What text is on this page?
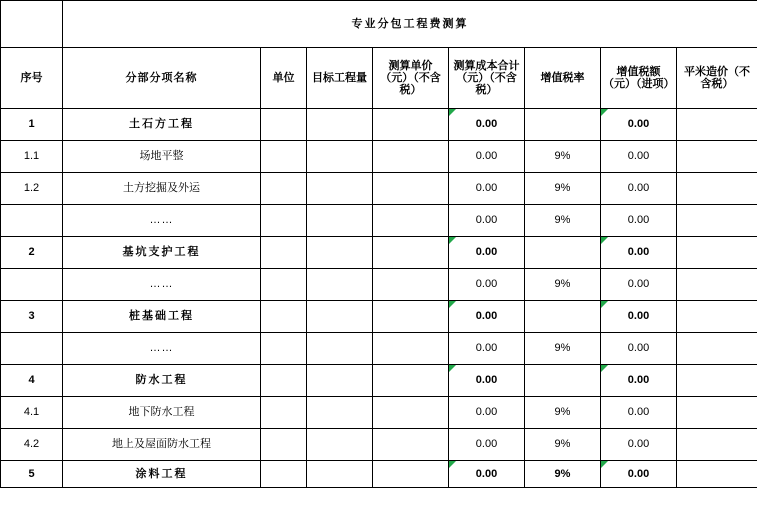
	专业分包工程费测算							
序号	分部分项名称	单位	目标工程量	测算单价（元）（不含税）	测算成本合计（元）（不含税）	增值税率	增值税额（元）（进项）	平米造价（不含税）
1	土石方工程				0.00		0.00	
1.1	场地平整				0.00	9%	0.00	
1.2	土方挖掘及外运				0.00	9%	0.00	
	……				0.00	9%	0.00	
2	基坑支护工程				0.00		0.00	
	……				0.00	9%	0.00	
3	桩基础工程				0.00		0.00	
	……				0.00	9%	0.00	
4	防水工程				0.00		0.00	
4.1	地下防水工程				0.00	9%	0.00	
4.2	地上及屋面防水工程				0.00	9%	0.00	
5	涂料工程				0.00	9%	0.00	
